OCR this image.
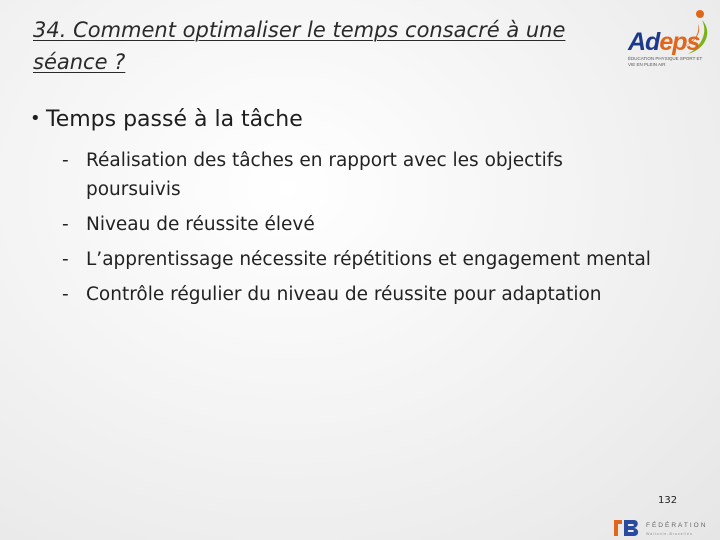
34. Comment optimaliser le temps consacré à une séance ?
Adeps
ÉDUCATION PHYSIQUE SPORT ET VIE EN PLEIN AIR
• Temps passé à la tâche
- Réalisation des tâches en rapport avec les objectifs poursuivis
- Niveau de réussite élevé
- L’apprentissage nécessite répétitions et engagement mental
- Contrôle régulier du niveau de réussite pour adaptation
132
FÉDÉRATION
Wallonie-Bruxelles
